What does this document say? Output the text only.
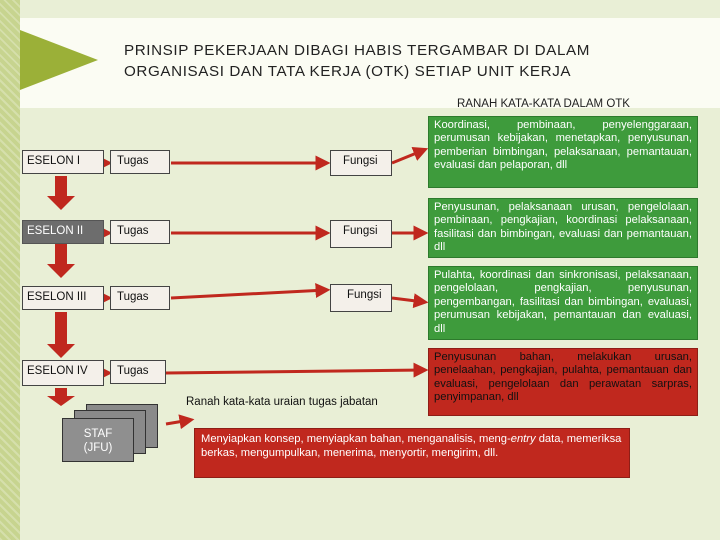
PRINSIP PEKERJAAN DIBAGI HABIS TERGAMBAR DI DALAM
ORGANISASI DAN TATA KERJA (OTK) SETIAP UNIT KERJA
RANAH KATA-KATA DALAM OTK
ESELON I	Tugas	Fungsi
Koordinasi, pembinaan, penyelenggaraan, perumusan kebijakan, menetapkan, penyusunan, pemberian bimbingan, pelaksanaan, pemantauan, evaluasi dan pelaporan, dll
ESELON II	Tugas	Fungsi
Penyusunan, pelaksanaan urusan, pengelolaan, pembinaan, pengkajian, koordinasi pelaksanaan, fasilitasi dan bimbingan, evaluasi dan pemantauan, dll
ESELON III	Tugas	Fungsi
Pulahta, koordinasi dan sinkronisasi, pelaksanaan, pengelolaan, pengkajian, penyusunan, pengembangan, fasilitasi dan bimbingan, evaluasi, perumusan kebijakan, pemantauan dan evaluasi, dll
ESELON IV	Tugas
Penyusunan bahan, melakukan urusan, penelaahan, pengkajian, pulahta, pemantauan dan evaluasi, pengelolaan dan perawatan sarpras, penyimpanan, dll
Ranah kata-kata uraian tugas jabatan
STAF
(JFU)
Menyiapkan konsep, menyiapkan bahan, menganalisis, meng-entry data, memeriksa berkas, mengumpulkan, menerima, menyortir, mengirim, dll.
